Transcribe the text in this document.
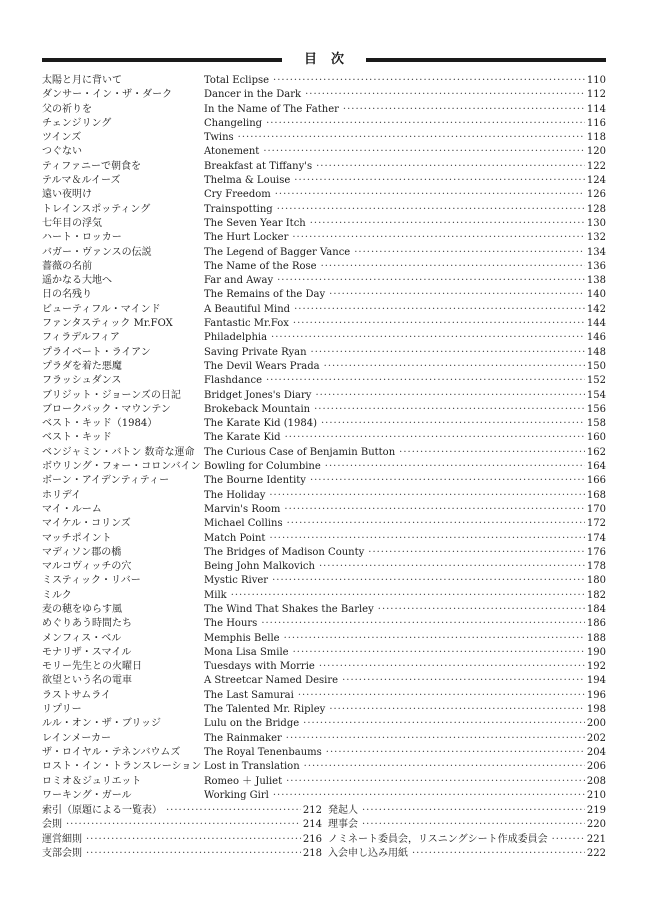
目次
太陽と月に背いて	Total Eclipse ·····	110
ダンサー・イン・ザ・ダーク	Dancer in the Dark ·····	112
父の祈りを	In the Name of The Father ·····	114
チェンジリング	Changeling ·····	116
ツインズ	Twins ·····	118
つぐない	Atonement ·····	120
ティファニーで朝食を	Breakfast at Tiffany's ·····	122
テルマ＆ルイーズ	Thelma & Louise ·····	124
遠い夜明け	Cry Freedom ·····	126
トレインスポッティング	Trainspotting ·····	128
七年目の浮気	The Seven Year Itch ·····	130
ハート・ロッカー	The Hurt Locker ·····	132
バガー・ヴァンスの伝説	The Legend of Bagger Vance ·····	134
薔薇の名前	The Name of the Rose ·····	136
遥かなる大地へ	Far and Away ·····	138
日の名残り	The Remains of the Day ·····	140
ビューティフル・マインド	A Beautiful Mind ·····	142
ファンタスティック Mr.FOX	Fantastic Mr.Fox ·····	144
フィラデルフィア	Philadelphia ·····	146
プライベート・ライアン	Saving Private Ryan ·····	148
プラダを着た悪魔	The Devil Wears Prada ·····	150
フラッシュダンス	Flashdance ·····	152
ブリジット・ジョーンズの日記	Bridget Jones's Diary ·····	154
ブロークバック・マウンテン	Brokeback Mountain ·····	156
ベスト・キッド（1984）	The Karate Kid (1984) ·····	158
ベスト・キッド	The Karate Kid ·····	160
ベンジャミン・バトン 数奇な運命 The Curious Case of Benjamin Button ·····	162
ボウリング・フォー・コロンバイン Bowling for Columbine ·····	164
ボーン・アイデンティティー	The Bourne Identity ·····	166
ホリデイ	The Holiday ·····	168
マイ・ルーム	Marvin's Room ·····	170
マイケル・コリンズ	Michael Collins ·····	172
マッチポイント	Match Point ·····	174
マディソン郡の橋	The Bridges of Madison County ·····	176
マルコヴィッチの穴	Being John Malkovich ·····	178
ミスティック・リバー	Mystic River ·····	180
ミルク	Milk ·····	182
麦の穂をゆらす風	The Wind That Shakes the Barley ·····	184
めぐりあう時間たち	The Hours ·····	186
メンフィス・ベル	Memphis Belle ·····	188
モナリザ・スマイル	Mona Lisa Smile ·····	190
モリー先生との火曜日	Tuesdays with Morrie ·····	192
欲望という名の電車	A Streetcar Named Desire ·····	194
ラストサムライ	The Last Samurai ·····	196
リプリー	The Talented Mr. Ripley ·····	198
ルル・オン・ザ・ブリッジ	Lulu on the Bridge ·····	200
レインメーカー	The Rainmaker ·····	202
ザ・ロイヤル・テネンバウムズ	The Royal Tenenbaums ·····	204
ロスト・イン・トランスレーション Lost in Translation ·····	206
ロミオ＆ジュリエット	Romeo ＋ Juliet ·····	208
ワーキング・ガール	Working Girl ·····	210
索引（原題による一覧表） ·····	212 発起人 ·····	219
会則 ·····	214 理事会 ·····	220
運営細則 ·····	216 ノミネート委員会，リスニングシート作成委員会 ·····	221
支部会則 ·····	218 入会申し込み用紙 ·····	222
